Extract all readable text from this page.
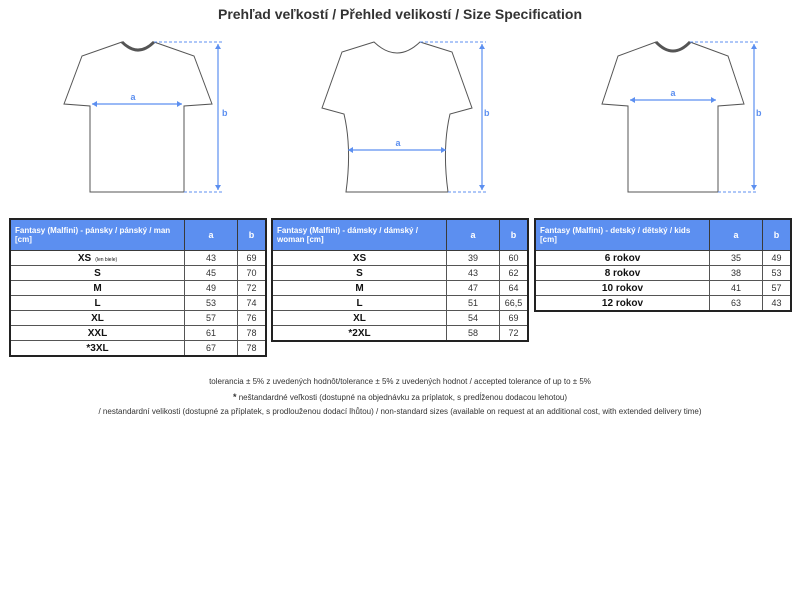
Prehľad veľkostí / Přehled velikostí / Size Specification
a
b
a
b
a
b
Fantasy (Malfini) - pánsky / pánský / man [cm]	a	b
XS (len biele)	43	69
S	45	70
M	49	72
L	53	74
XL	57	76
XXL	61	78
*3XL	67	78
Fantasy (Malfini) - dámsky / dámský / woman [cm]	a	b
XS	39	60
S	43	62
M	47	64
L	51	66,5
XL	54	69
*2XL	58	72
Fantasy (Malfini) - detský / dětský / kids [cm]	a	b
6 rokov	35	49
8 rokov	38	53
10 rokov	41	57
12 rokov	63	43
tolerancia ± 5% z uvedených hodnôt/tolerance ± 5% z uvedených hodnot / accepted tolerance of up to ± 5%
* neštandardné veľkosti (dostupné na objednávku za príplatok, s predĺženou dodacou lehotou)
/ nestandardní velikosti (dostupné za příplatek, s prodlouženou dodací lhůtou) / non-standard sizes (available on request at an additional cost, with extended delivery time)
